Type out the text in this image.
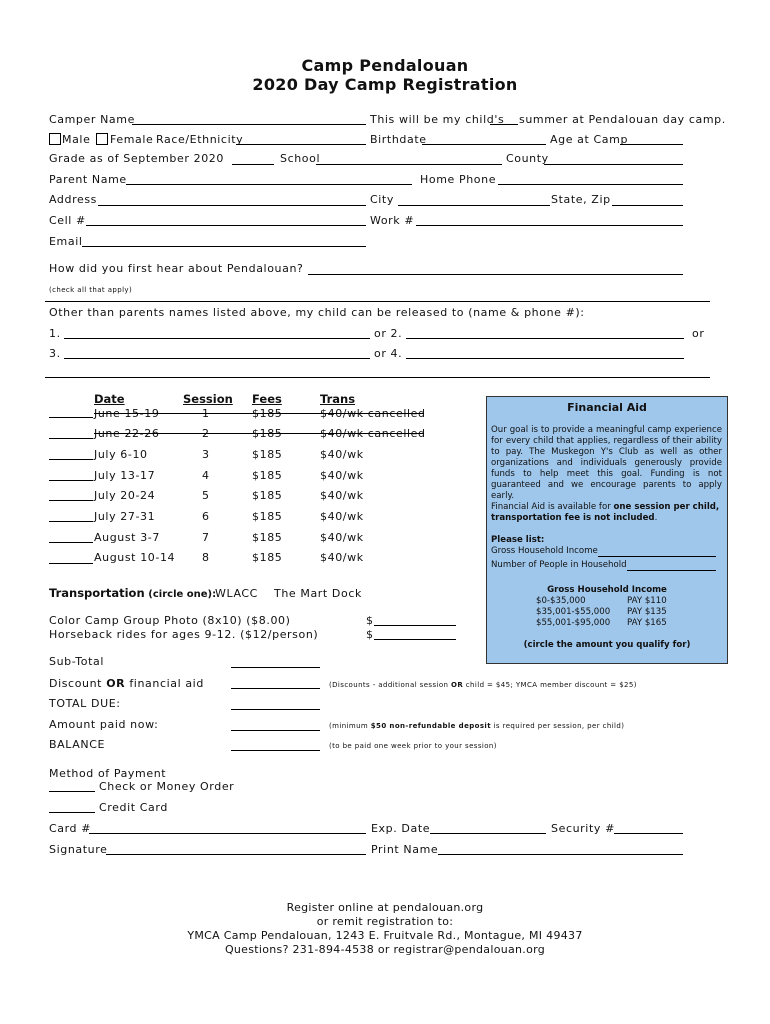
Camp Pendalouan
2020 Day Camp Registration
Camper Name	This will be my child's summer at Pendalouan day camp.
Male Female Race/Ethnicity	Birthdate	Age at Camp
Grade as of September 2020	School	County
Parent Name	Home Phone
Address	City	State, Zip
Cell #	Work #
Email
How did you first hear about Pendalouan?
(check all that apply)
Other than parents names listed above, my child can be released to (name & phone #):
1.	or 2.	or
3.	or 4.
Date	Session Fees	Trans
June 15-19	1	$185	$40/wk cancelled
June 22-26	2	$185	$40/wk cancelled
July 6-10	3	$185	$40/wk
July 13-17	4	$185	$40/wk
July 20-24	5	$185	$40/wk
July 27-31	6	$185	$40/wk
August 3-7	7	$185	$40/wk
August 10-14 8	$185	$40/wk
Financial Aid
Our goal is to provide a meaningful camp experience for every child that applies, regardless of their ability to pay. The Muskegon Y's Club as well as other organizations and individuals generously provide funds to help meet this goal. Funding is not guaranteed and we encourage parents to apply early.
Financial Aid is available for one session per child, transportation fee is not included.
Please list:
Gross Household Income
Number of People in Household
Gross Household Income
$0-$35,000	PAY $110
$35,001-$55,000 PAY $135
$55,001-$95,000 PAY $165
(circle the amount you qualify for)
Transportation (circle one):
WLACC The Mart Dock
Color Camp Group Photo (8x10) ($8.00)	$
Horseback rides for ages 9-12. ($12/person)	$
Sub-Total
Discount OR financial aid	(Discounts - additional session OR child = $45; YMCA member discount = $25)
TOTAL DUE:
Amount paid now:	(minimum $50 non-refundable deposit is required per session, per child)
BALANCE	(to be paid one week prior to your session)
Method of Payment
Check or Money Order
Credit Card
Card #	Exp. Date	Security #
Signature	Print Name
Register online at pendalouan.org
or remit registration to:
YMCA Camp Pendalouan, 1243 E. Fruitvale Rd., Montague, MI 49437
Questions? 231-894-4538 or registrar@pendalouan.org
